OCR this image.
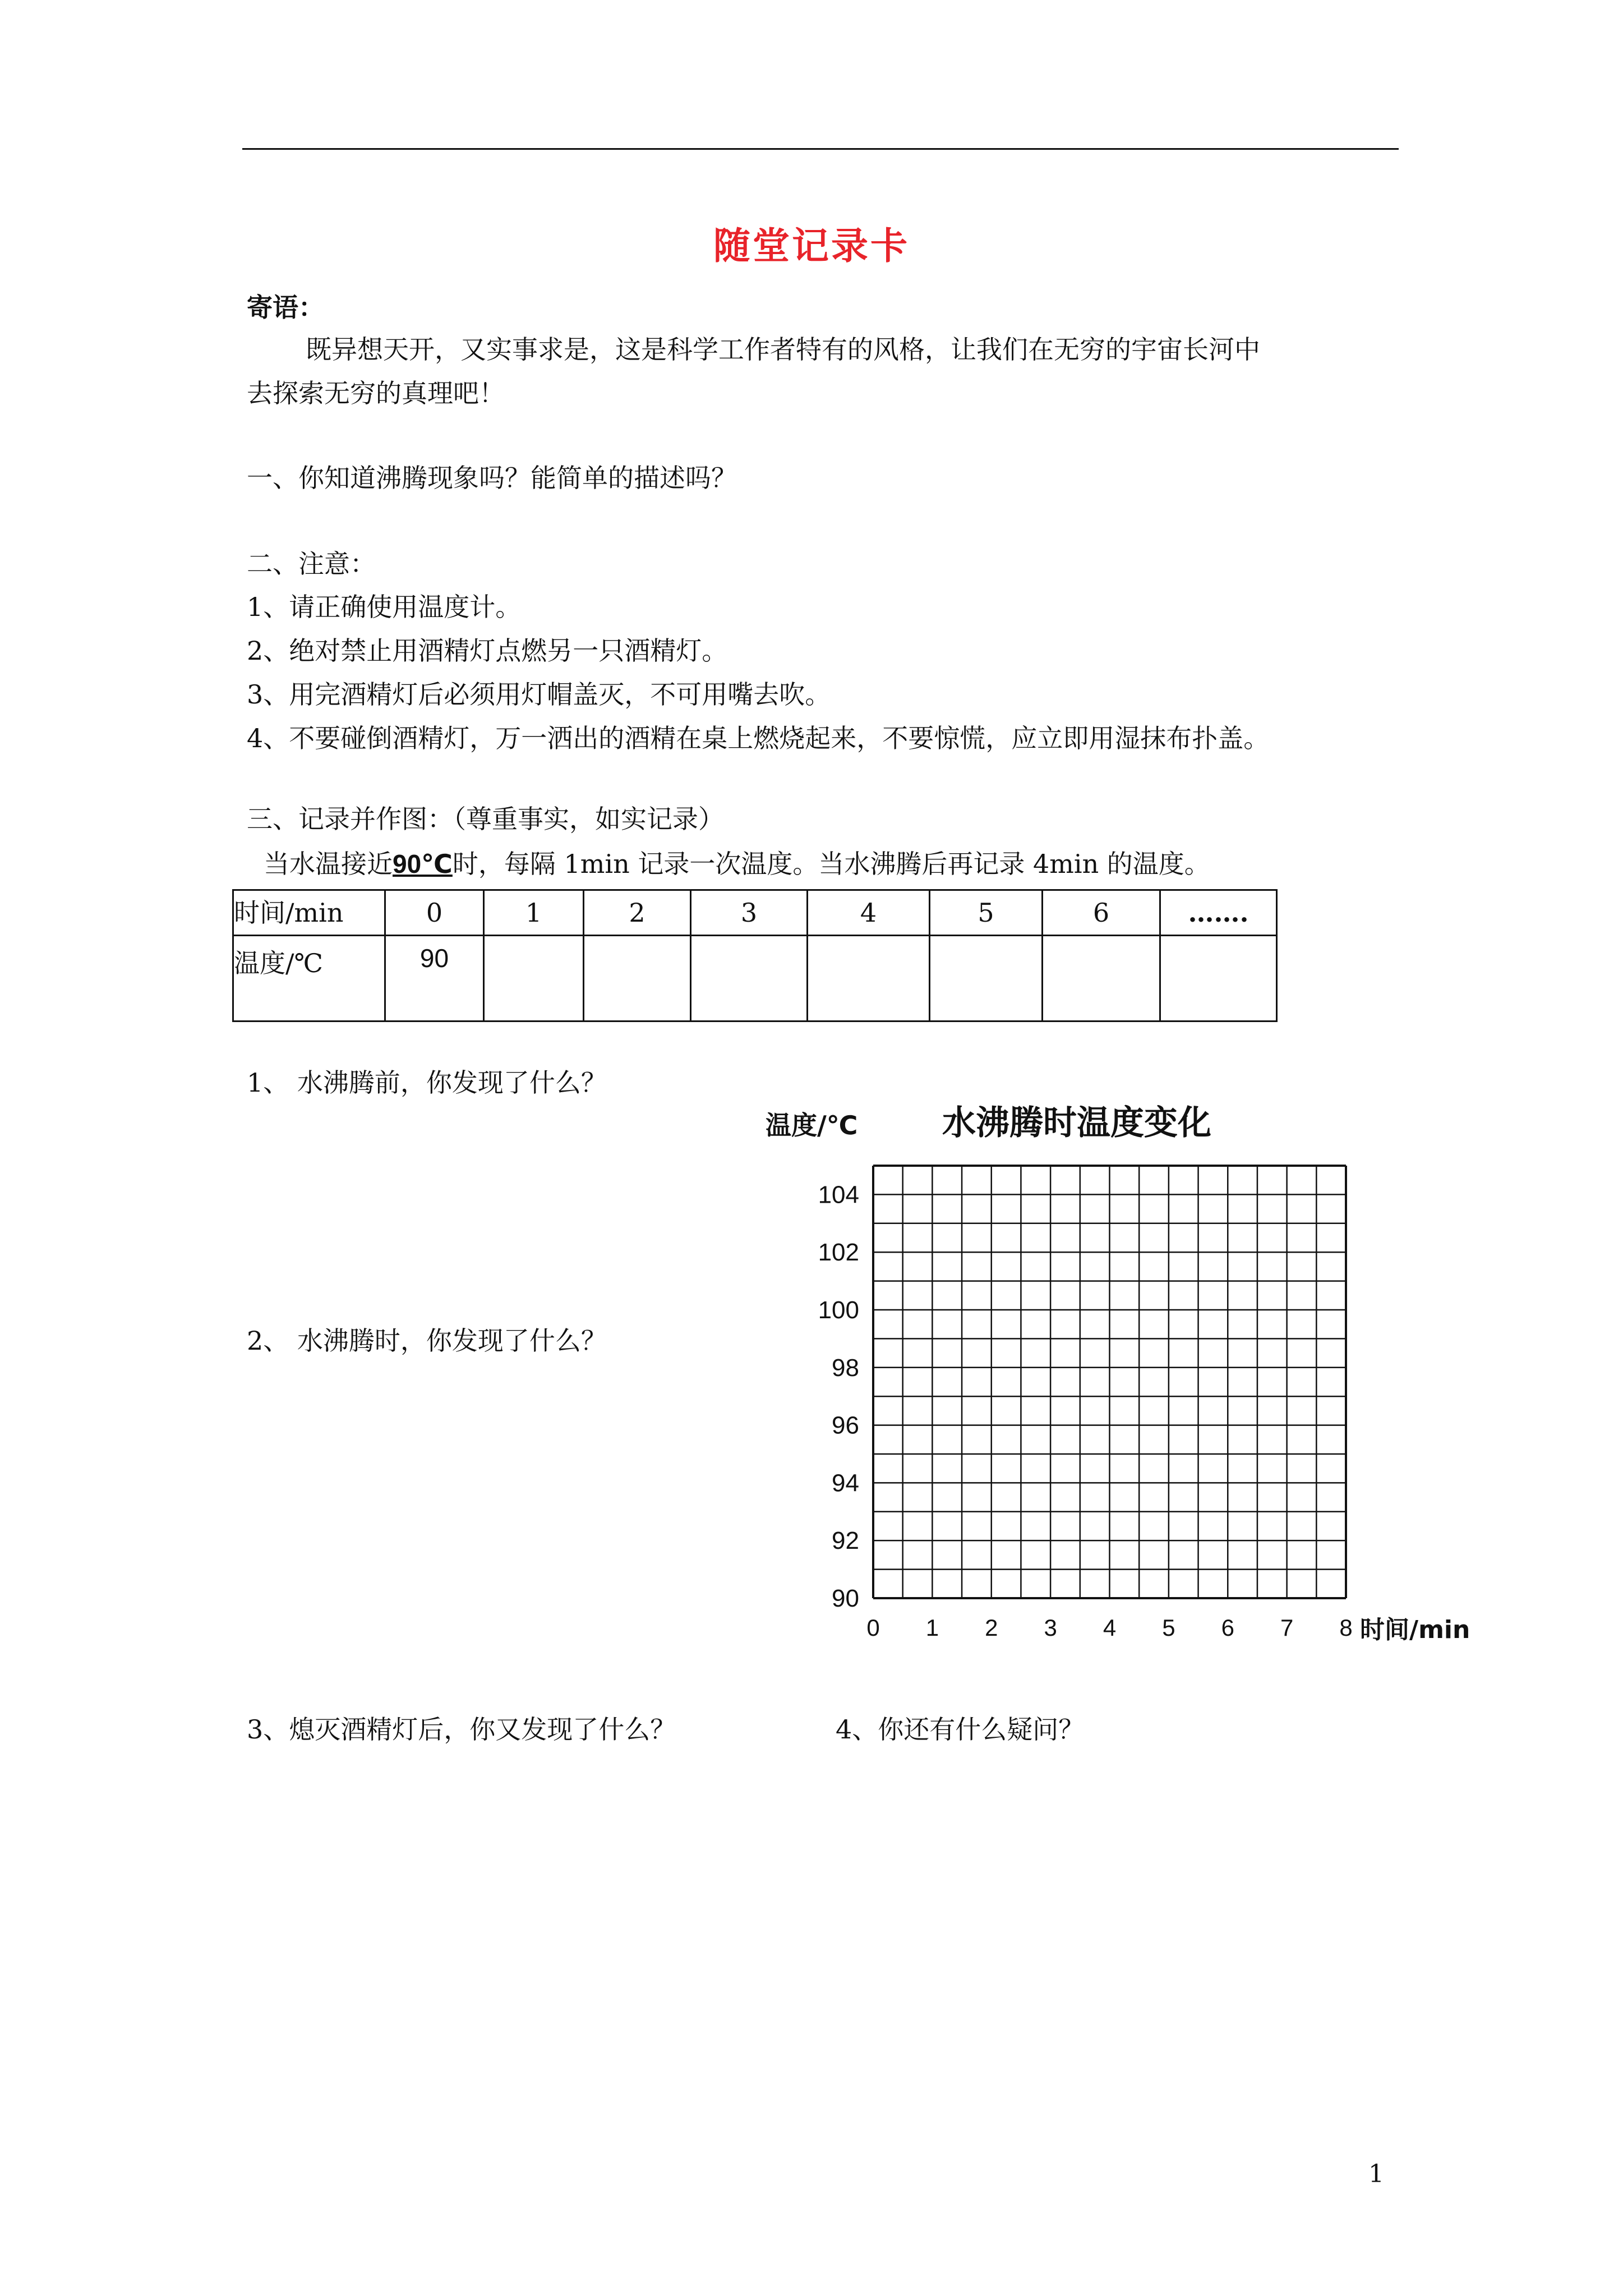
随堂记录卡
寄语：
既异想天开，又实事求是，这是科学工作者特有的风格，让我们在无穷的宇宙长河中
去探索无穷的真理吧！
一、你知道沸腾现象吗？能简单的描述吗？
二、注意：
1、请正确使用温度计。
2、绝对禁止用酒精灯点燃另一只酒精灯。
3、用完酒精灯后必须用灯帽盖灭，不可用嘴去吹。
4、不要碰倒酒精灯，万一洒出的酒精在桌上燃烧起来，不要惊慌，应立即用湿抹布扑盖。
三、记录并作图：（尊重事实，如实记录）
当水温接近90℃时，每隔 1min 记录一次温度。当水沸腾后再记录 4min 的温度。
时间/min	0	1	2	3	4	5	6	…….

温度/℃	90							

1、 水沸腾前，你发现了什么？
2、 水沸腾时，你发现了什么？
3、熄灭酒精灯后，你又发现了什么？	4、你还有什么疑问？
温度/℃	水沸腾时温度变化
90
92
94
96
98
100
102
104
0 1 2 3 4 5 6 7 8 时间/min
1
